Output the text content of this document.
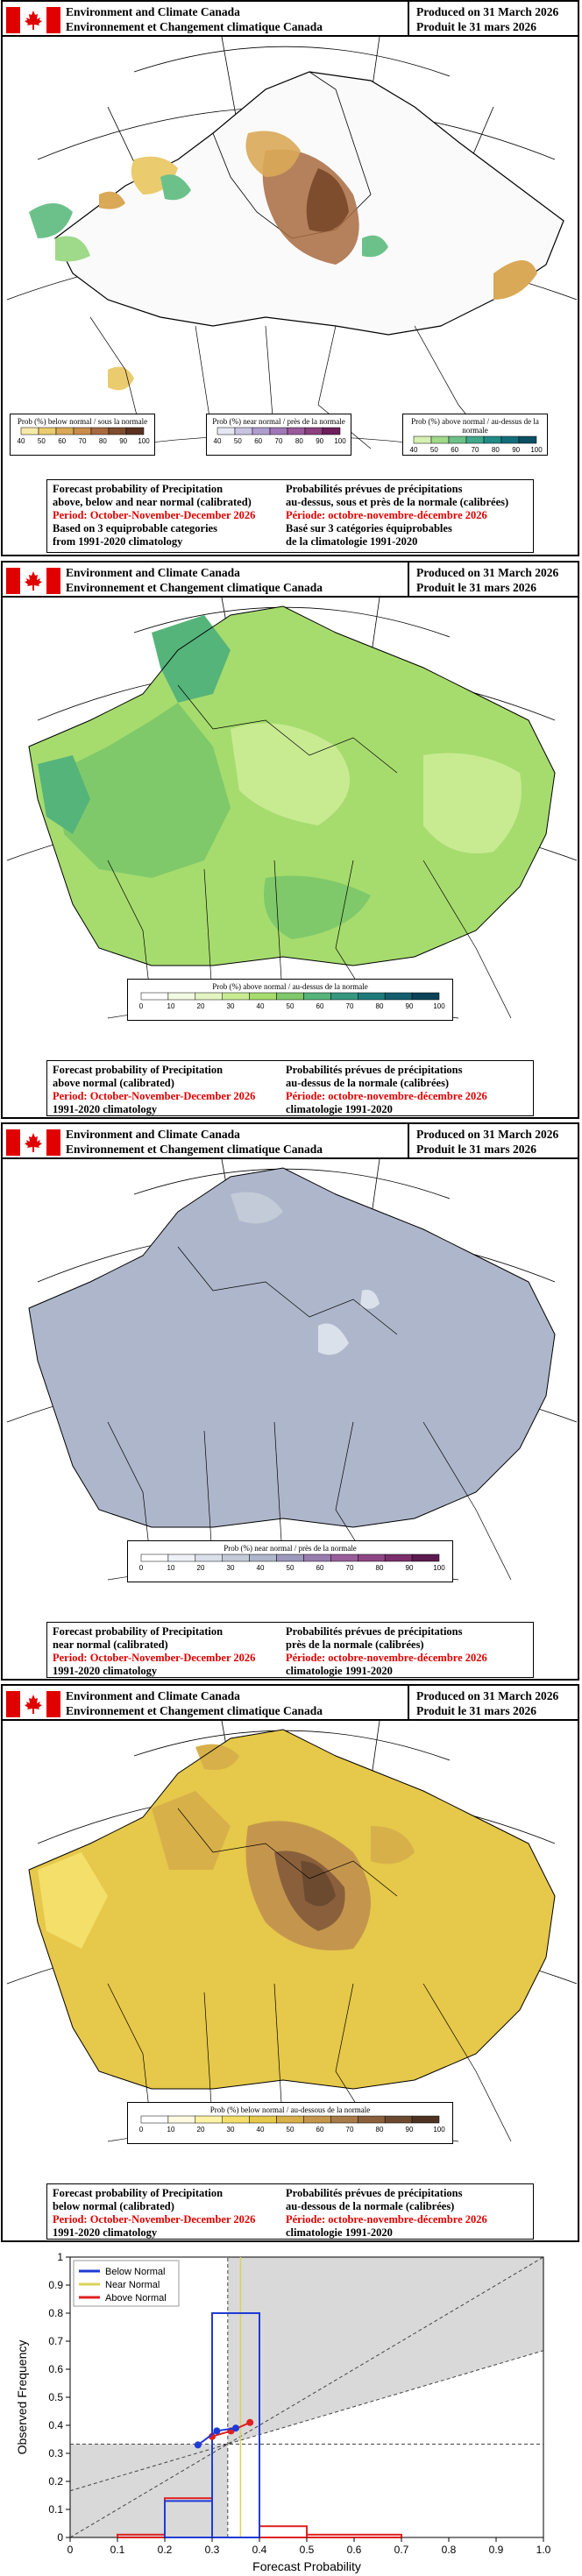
Environment and Climate Canada
Environnement et Changement climatique Canada
Produced on 31 March 2026
Produit le 31 mars 2026
Prob (%) below normal / sous la normale
40 50 60 70 80 90 100
Prob (%) near normal / près de la normale
40 50 60 70 80 90 100
Prob (%) above normal / au-dessus de la normale
40 50 60 70 80 90 100
Forecast probability of Precipitation
above, below and near normal (calibrated)
Period: October-November-December 2026
Based on 3 equiprobable categories
from 1991-2020 climatology
Probabilités prévues de précipitations
au-dessus, sous et près de la normale (calibrées)
Période: octobre-novembre-décembre 2026
Basé sur 3 catégories équiprobables
de la climatologie 1991-2020
Environment and Climate Canada
Environnement et Changement climatique Canada
Produced on 31 March 2026
Produit le 31 mars 2026
Prob (%) above normal / au-dessus de la normale
0	10	20	30	40	50	60	70	80	90	100
Forecast probability of Precipitation
above normal (calibrated)
Period: October-November-December 2026
1991-2020 climatology
Probabilités prévues de précipitations
au-dessus de la normale (calibrées)
Période: octobre-novembre-décembre 2026
climatologie 1991-2020
Environment and Climate Canada
Environnement et Changement climatique Canada
Produced on 31 March 2026
Produit le 31 mars 2026
Prob (%) near normal / près de la normale
0	10	20	30	40	50	60	70	80	90	100
Forecast probability of Precipitation
near normal (calibrated)
Period: October-November-December 2026
1991-2020 climatology
Probabilités prévues de précipitations
près de la normale (calibrées)
Période: octobre-novembre-décembre 2026
climatologie 1991-2020
Environment and Climate Canada
Environnement et Changement climatique Canada
Produced on 31 March 2026
Produit le 31 mars 2026
Prob (%) below normal / au-dessous de la normale
0	10	20	30	40	50	60	70	80	90	100
Forecast probability of Precipitation
below normal (calibrated)
Period: October-November-December 2026
1991-2020 climatology
Probabilités prévues de précipitations
au-dessous de la normale (calibrées)
Période: octobre-novembre-décembre 2026
climatologie 1991-2020
0	0.1	0.2	0.3	0.4	0.5	0.6	0.7	0.8	0.9	1.0
0
0.1
0.2
0.3
0.4
0.5
0.6
0.7
0.8
0.9
1
Forecast Probability
Observed Frequency
Below Normal
Near Normal
Above Normal
